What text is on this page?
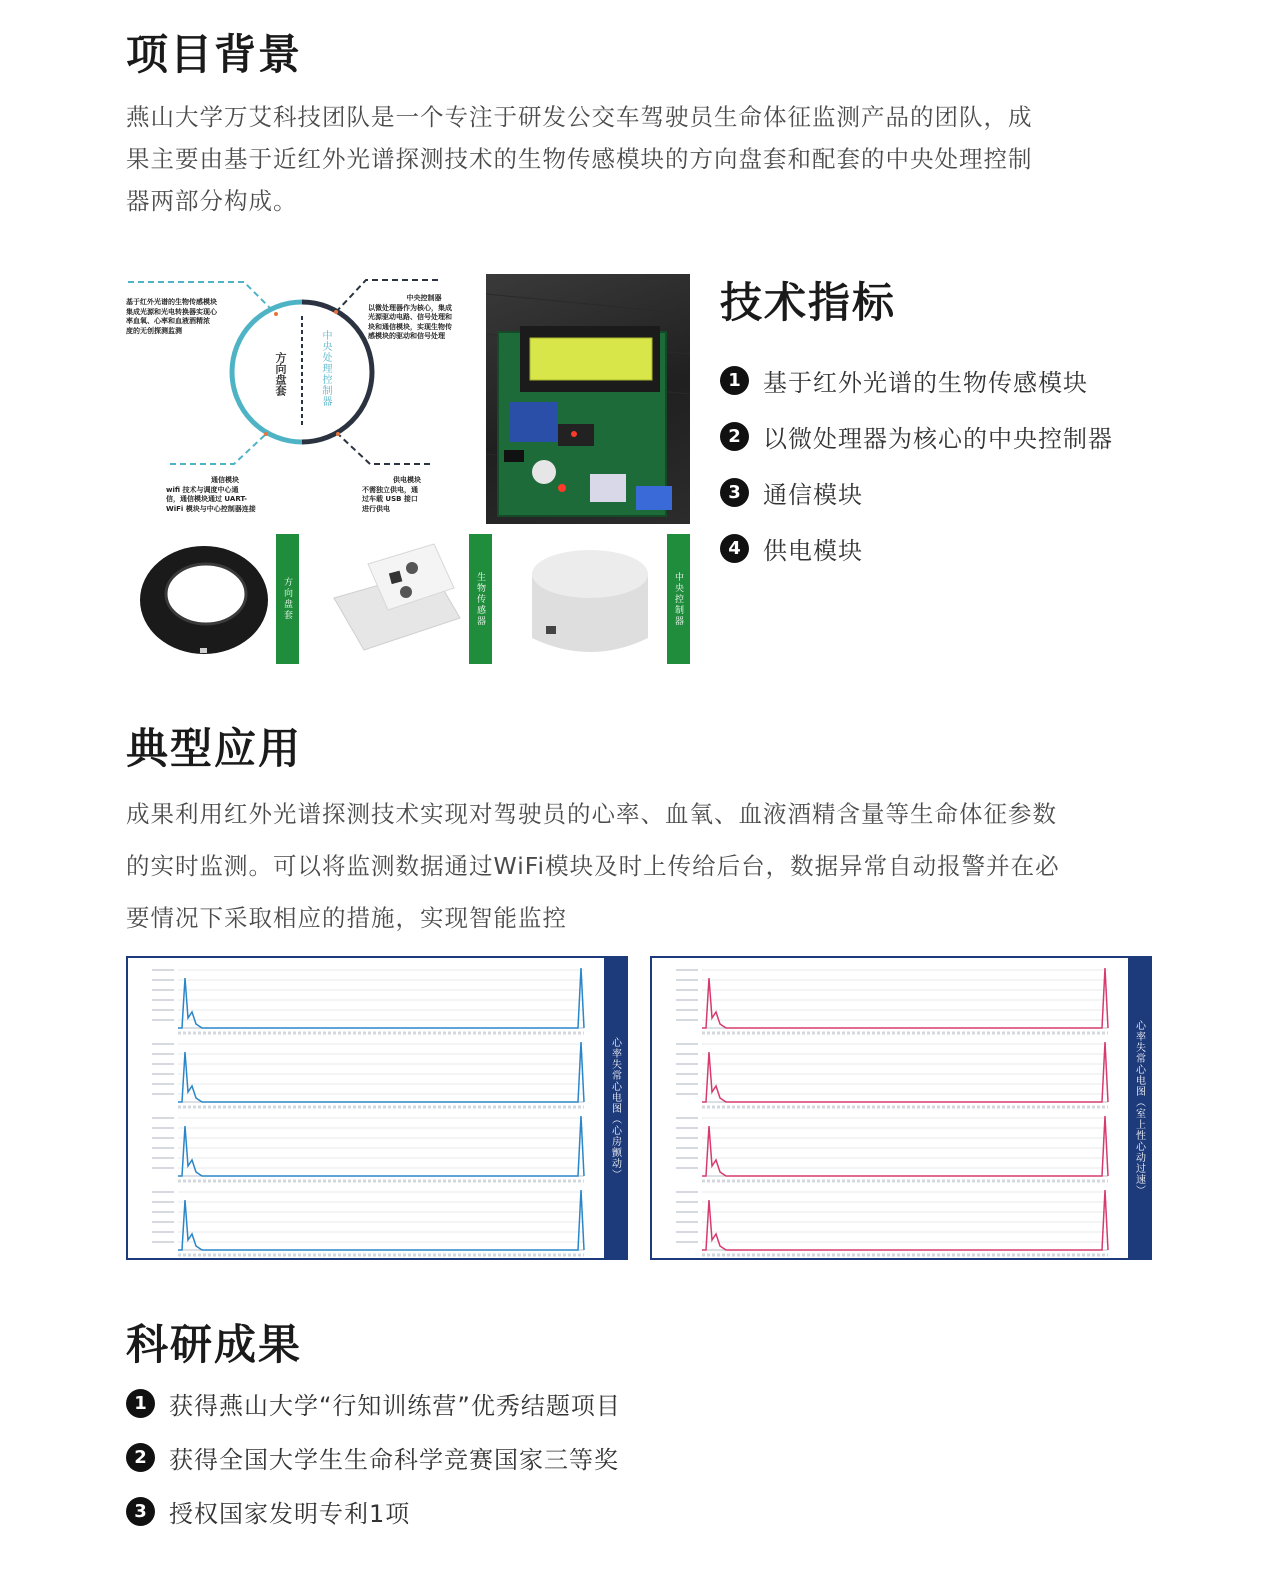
项目背景

燕山大学万艾科技团队是一个专注于研发公交车驾驶员生命体征监测产品的团队，成

果主要由基于近红外光谱探测技术的生物传感模块的方向盘套和配套的中央处理控制

器两部分构成。

方向盘套	中央处理控制器
基于红外光谱的生物传感模块
集成光源和光电转换器实现心
率血氧、心率和血液酒精浓
度的无创探测监测
中央控制器
以微处理器作为核心，集成
光源驱动电路、信号处理和
块和通信模块，实现生物传
感模块的驱动和信号处理
通信模块
wifi 技术与调度中心通
信，通信模块通过 UART-
WiFi 模块与中心控制器连接
供电模块
不需独立供电，通
过车载 USB 接口
进行供电
方向盘套	生物传感器	中央控制器
技术指标
1 基于红外光谱的生物传感模块
2 以微处理器为核心的中央控制器
3 通信模块
4 供电模块
典型应用

成果利用红外光谱探测技术实现对驾驶员的心率、血氧、血液酒精含量等生命体征参数

的实时监测。可以将监测数据通过WiFi模块及时上传给后台，数据异常自动报警并在必

要情况下采取相应的措施，实现智能监控

心率失常心电图（心房颤动）	心率失常心电图（室上性心动过速）
科研成果
1 获得燕山大学“行知训练营”优秀结题项目
2 获得全国大学生生命科学竞赛国家三等奖
3 授权国家发明专利1项
